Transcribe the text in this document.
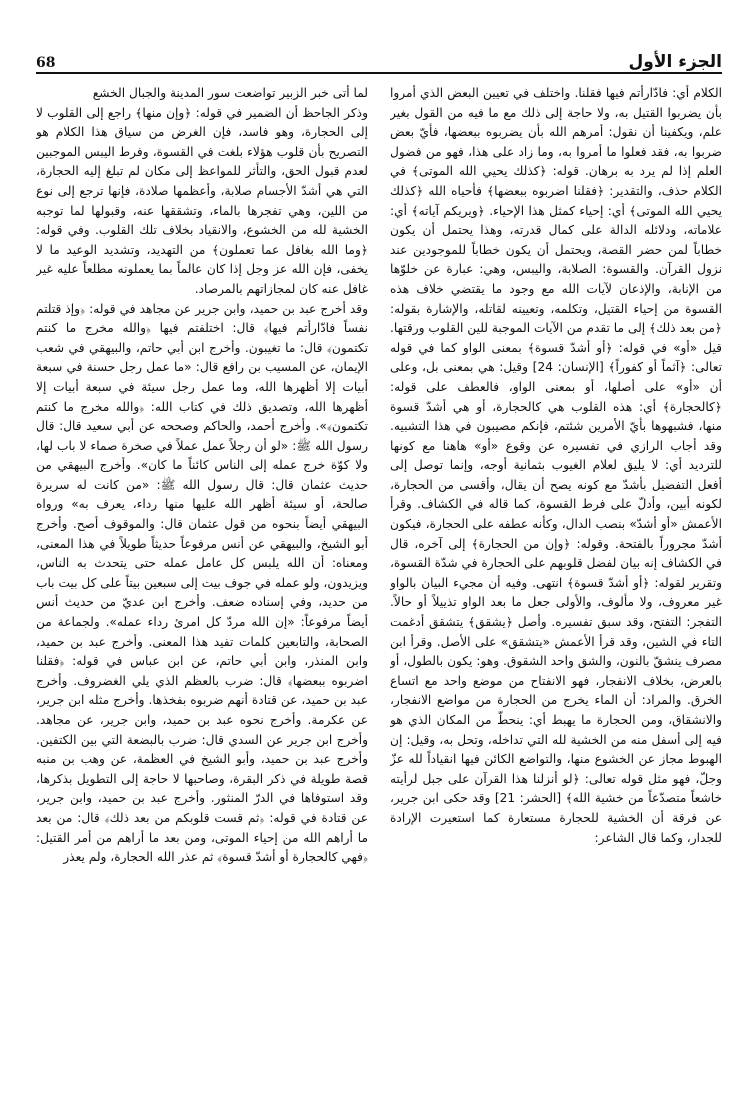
الجزء الأول
68

الكلام أي: فادّارأتم فيها فقلنا. واختلف في تعيين البعض الذي أمروا بأن يضربوا القتيل به، ولا حاجة إلى ذلك مع ما فيه من القول بغير علم، ويكفينا أن نقول: أمرهم الله بأن يضربوه ببعضها، فأيّ بعض ضربوا به، فقد فعلوا ما أمروا به، وما زاد على هذا، فهو من فضول العلم إذا لم يرد به برهان. قوله: ﴿كذلك يحيي الله الموتى﴾ في الكلام حذف، والتقدير: ﴿فقلنا اضربوه ببعضها﴾ فأحياه الله ﴿كذلك يحيي الله الموتى﴾ أي: إحياء كمثل هذا الإحياء. ﴿ويريكم آياته﴾ أي: علاماته، ودلائله الدالة على كمال قدرته، وهذا يحتمل أن يكون خطاباً لمن حضر القصة، ويحتمل أن يكون خطاباً للموجودين عند نزول القرآن. والقسوة: الصلابة، واليبس، وهي: عبارة عن خلوّها من الإنابة، والإذعان لآيات الله مع وجود ما يقتضي خلاف هذه القسوة من إحياء القتيل، وتكلمه، وتعيينه لقاتله، والإشارة بقوله: ﴿من بعد ذلك﴾ إلى ما تقدم من الآيات الموجبة للين القلوب ورقتها. قيل «أو» في قوله: ﴿أو أشدّ قسوة﴾ بمعنى الواو كما في قوله تعالى: ﴿آثماً أو كفوراً﴾ [الإنسان: 24] وقيل: هي بمعنى بل، وعلى أن «أو» على أصلها، أو بمعنى الواو، فالعطف على قوله: ﴿كالحجارة﴾ أي: هذه القلوب هي كالحجارة، أو هي أشدّ قسوة منها، فشبهوها بأيّ الأمرين شئتم، فإنكم مصيبون في هذا التشبيه. وقد أجاب الرازي في تفسيره عن وقوع «أو» هاهنا مع كونها للترديد أي: لا يليق لعلام الغيوب بثمانية أوجه، وإنما توصل إلى أفعل التفضيل بأشدّ مع كونه يصح أن يقال، وأقسى من الحجارة، لكونه أبين، وأدلّ على فرط القسوة، كما قاله في الكشاف. وقرأ الأعمش «أو أشدّ» بنصب الدال، وكأنه عطفه على الحجارة، فيكون أشدّ مجروراً بالفتحة. وقوله: ﴿وإن من الحجارة﴾ إلى آخره، قال في الكشاف إنه بيان لفضل قلوبهم على الحجارة في شدّة القسوة، وتقرير لقوله: ﴿أو أشدّ قسوة﴾ انتهى. وفيه أن مجيء البيان بالواو غير معروف، ولا مألوف، والأولى جعل ما بعد الواو تذييلاً أو حالاً. التفجر: التفتح، وقد سبق تفسيره. وأصل ﴿يشقق﴾ يتشقق أدغمت التاء في الشين، وقد قرأ الأعمش «يتشقق» على الأصل. وقرأ ابن مصرف ينشقّ بالنون، والشق واحد الشقوق. وهو: يكون بالطول، أو بالعرض، بخلاف الانفجار، فهو الانفتاح من موضع واحد مع اتساع الخرق. والمراد: أن الماء يخرج من الحجارة من مواضع الانفجار، والانشقاق، ومن الحجارة ما يهبط أي: ينحطّ من المكان الذي هو فيه إلى أسفل منه من الخشية لله التي تداخله، وتحل به، وقيل: إن الهبوط مجاز عن الخشوع منها، والتواضع الكائن فيها انقياداً لله عزّ وجلّ، فهو مثل قوله تعالى: ﴿لو أنزلنا هذا القرآن على جبل لرأيته خاشعاً متصدّعاً من خشية الله﴾ [الحشر: 21] وقد حكى ابن جرير، عن فرقة أن الخشية للحجارة مستعارة كما استعيرت الإرادة للجدار، وكما قال الشاعر:

لما أتى خبر الزبير تواضعت سور المدينة والجبال الخشع

وذكر الجاحظ أن الضمير في قوله: ﴿وإن منها﴾ راجع إلى القلوب لا إلى الحجارة، وهو فاسد، فإن الغرض من سياق هذا الكلام هو التصريح بأن قلوب هؤلاء بلغت في القسوة، وفرط اليبس الموجبين لعدم قبول الحق، والتأثر للمواعظ إلى مكان لم تبلغ إليه الحجارة، التي هي أشدّ الأجسام صلابة، وأعظمها صلادة، فإنها ترجع إلى نوع من اللين، وهي تفجرها بالماء، وتشققها عنه، وقبولها لما توجبه الخشية لله من الخشوع، والانقياد بخلاف تلك القلوب. وفي قوله: ﴿وما الله بغافل عما تعملون﴾ من التهديد، وتشديد الوعيد ما لا يخفى، فإن الله عز وجل إذا كان عالماً بما يعملونه مطلعاً عليه غير غافل عنه كان لمجازاتهم بالمرصاد.

وقد أخرج عبد بن حميد، وابن جرير عن مجاهد في قوله: ﴿وإذ قتلتم نفساً فادّارأتم فيها﴾ قال: اختلفتم فيها ﴿والله مخرج ما كنتم تكتمون﴾ قال: ما تغيبون. وأخرج ابن أبي حاتم، والبيهقي في شعب الإيمان، عن المسيب بن رافع قال: «ما عمل رجل حسنة في سبعة أبيات إلا أظهرها الله، وما عمل رجل سيئة في سبعة أبيات إلا أظهرها الله، وتصديق ذلك في كتاب الله: ﴿والله مخرج ما كنتم تكتمون﴾». وأخرج أحمد، والحاكم وصححه عن أبي سعيد قال: قال رسول الله ﷺ: «لو أن رجلاً عمل عملاً في صخرة صماء لا باب لها، ولا كوّة خرج عمله إلى الناس كائناً ما كان». وأخرج البيهقي من حديث عثمان قال: قال رسول الله ﷺ: «من كانت له سريرة صالحة، أو سيئة أظهر الله عليها منها رداء، يعرف به» ورواه البيهقي أيضاً بنحوه من قول عثمان قال: والموقوف أصح. وأخرج أبو الشيخ، والبيهقي عن أنس مرفوعاً حديثاً طويلاً في هذا المعنى، ومعناه: أن الله يلبس كل عامل عمله حتى يتحدث به الناس، ويزيدون، ولو عمله في جوف بيت إلى سبعين بيتاً على كل بيت باب من حديد، وفي إسناده ضعف. وأخرج ابن عديّ من حديث أنس أيضاً مرفوعاً: «إن الله مردّ كل امرئ رداء عمله». ولجماعة من الصحابة، والتابعين كلمات تفيد هذا المعنى. وأخرج عبد بن حميد، وابن المنذر، وابن أبي حاتم، عن ابن عباس في قوله: ﴿فقلنا اضربوه ببعضها﴾ قال: ضرب بالعظم الذي يلي الغضروف. وأخرج عبد بن حميد، عن قتادة أنهم ضربوه بفخذها. وأخرج مثله ابن جرير، عن عكرمة. وأخرج نحوه عبد بن حميد، وابن جرير، عن مجاهد. وأخرج ابن جرير عن السدي قال: ضرب بالبضعة التي بين الكتفين. وأخرج عبد بن حميد، وأبو الشيخ في العظمة، عن وهب بن منبه قصة طويلة في ذكر البقرة، وصاحبها لا حاجة إلى التطويل بذكرها، وقد استوفاها في الدرّ المنثور. وأخرج عبد بن حميد، وابن جرير، عن قتادة في قوله: ﴿ثم قست قلوبكم من بعد ذلك﴾ قال: من بعد ما أراهم الله من إحياء الموتى، ومن بعد ما أراهم من أمر القتيل: ﴿فهي كالحجارة أو أشدّ قسوة﴾ ثم عذر الله الحجارة، ولم يعذر
